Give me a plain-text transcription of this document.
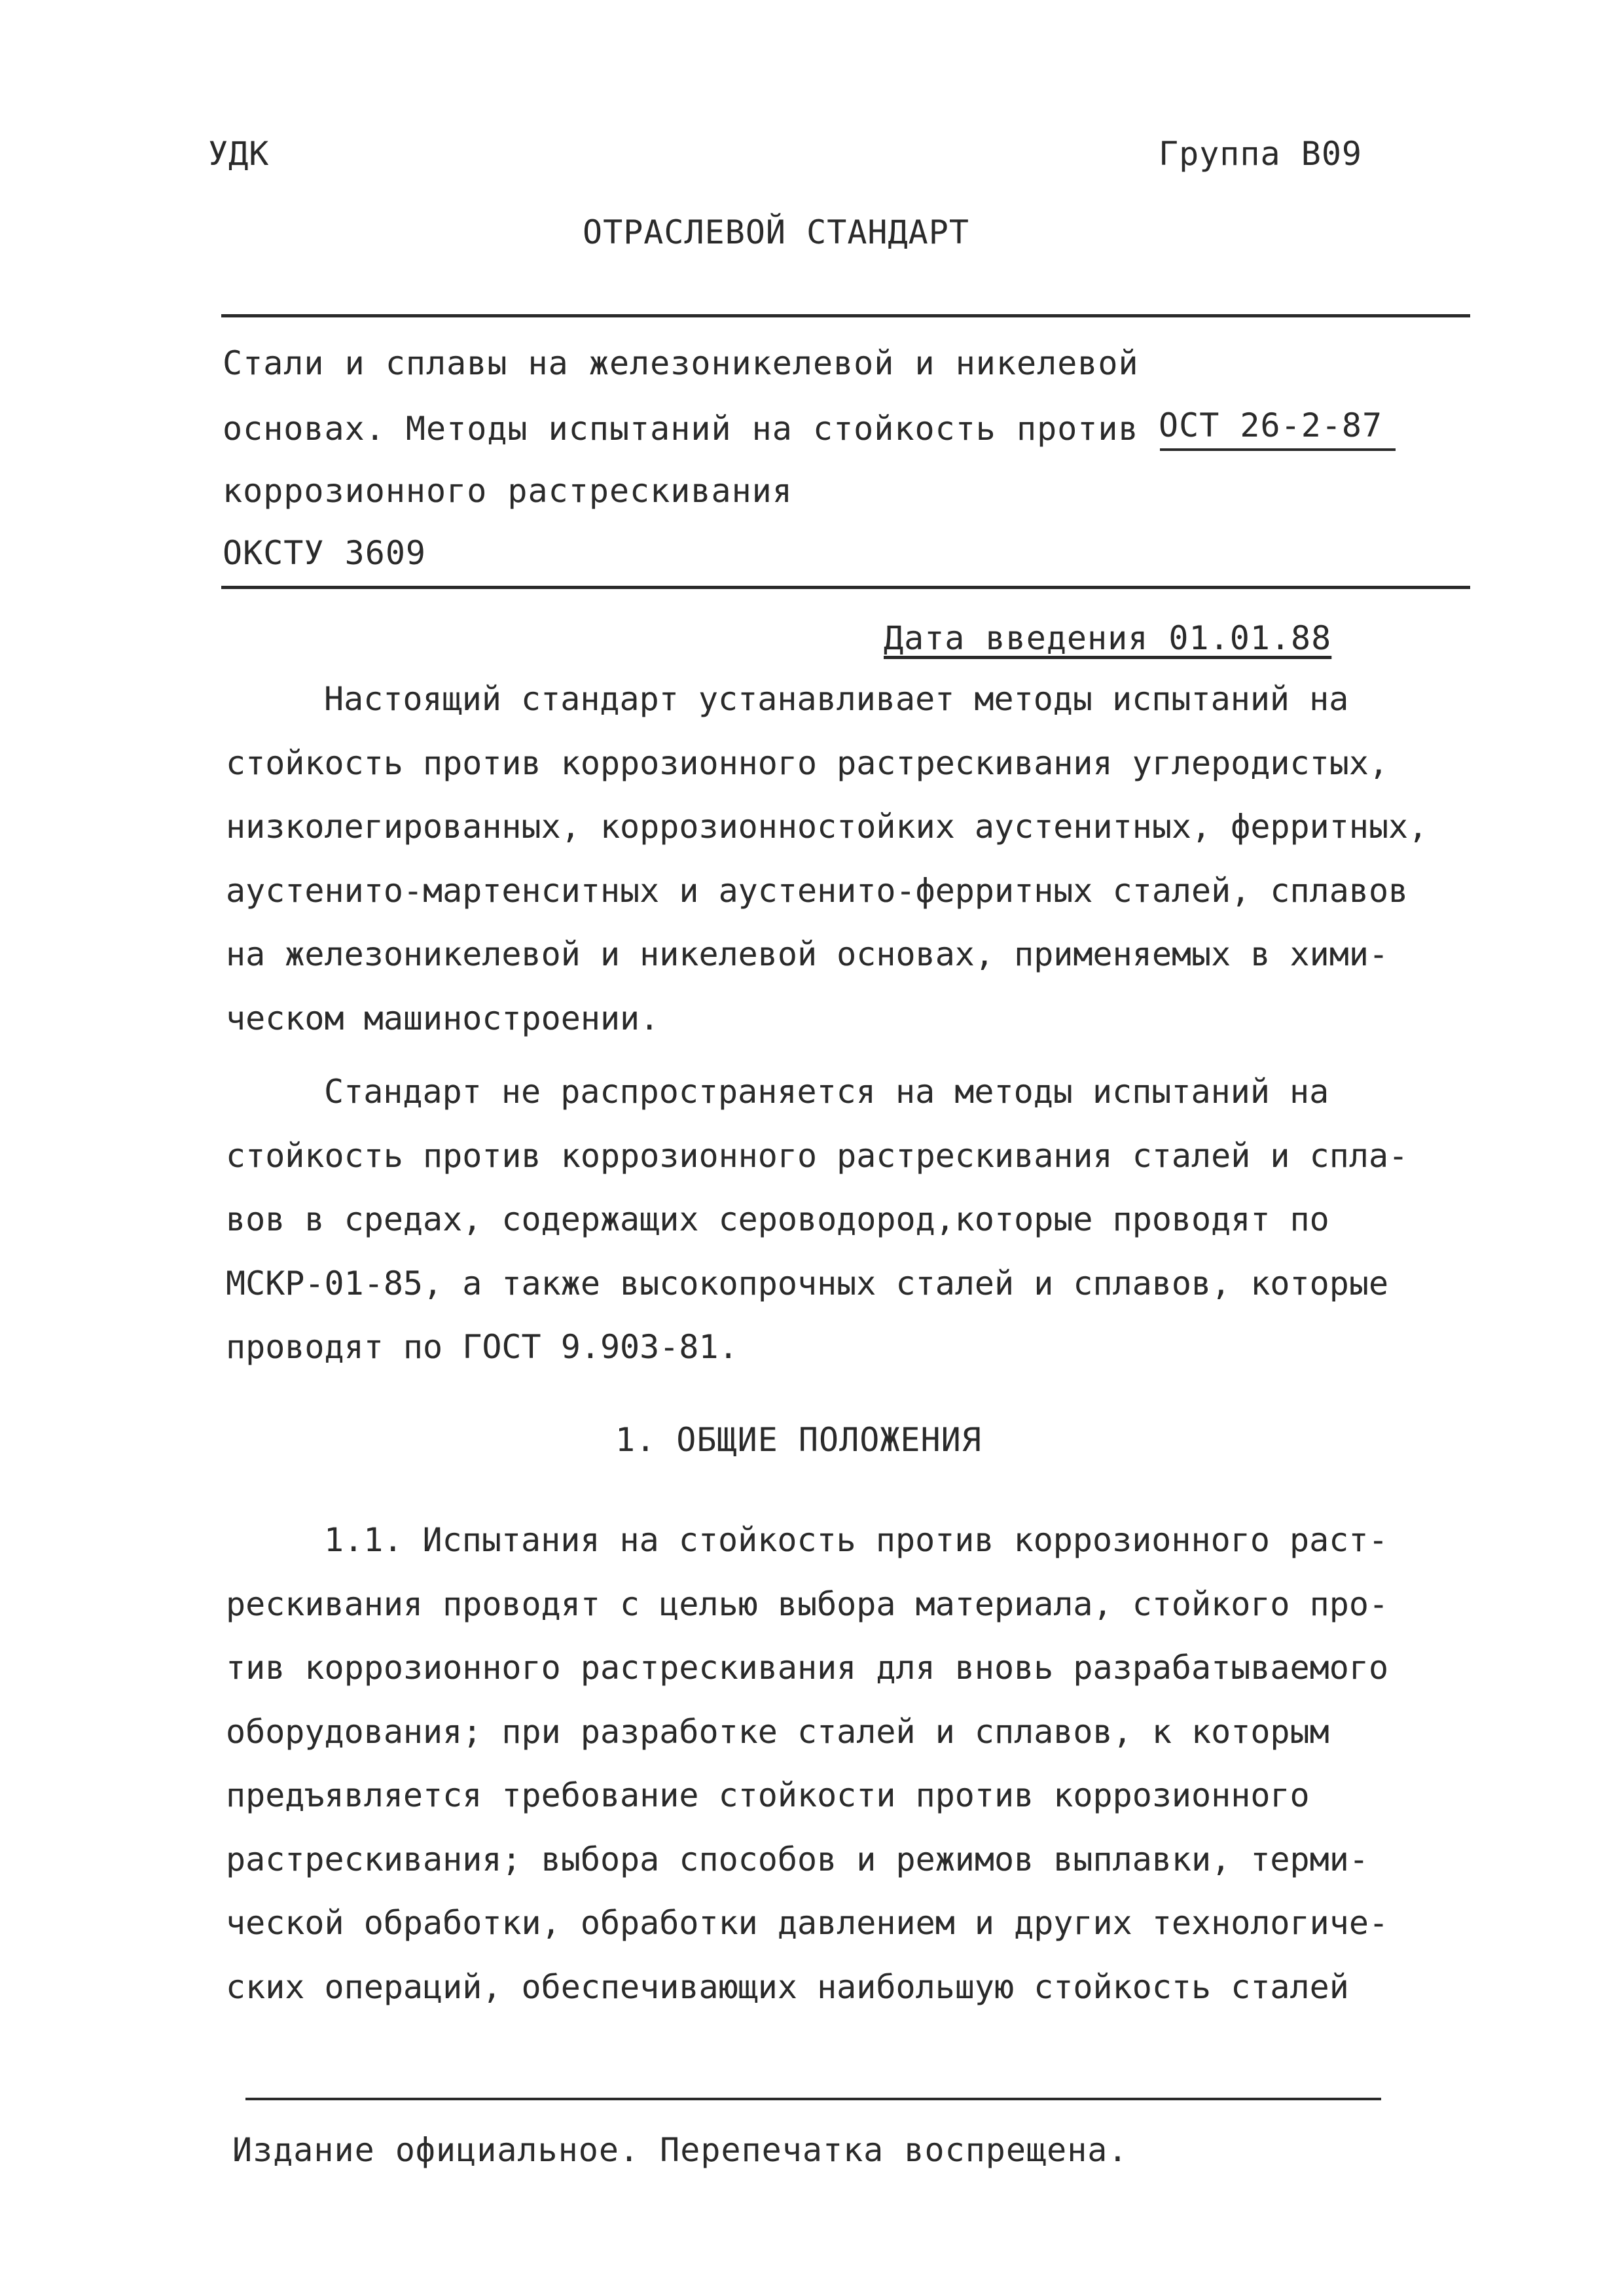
УДК	Группа В09
ОТРАСЛЕВОЙ СТАНДАРТ
Стали и сплавы на железоникелевой и никелевой
основах. Методы испытаний на стойкость против
коррозионного растрескивания
ОСТ 26-2-87
ОКСТУ 3609
Дата введения 01.01.88
Настоящий стандарт устанавливает методы испытаний на
стойкость против коррозионного растрескивания углеродистых,
низколегированных, коррозионностойких аустенитных, ферритных,
аустенито-мартенситных и аустенито-ферритных сталей, сплавов
на железоникелевой и никелевой основах, применяемых в хими-
ческом машиностроении.
Стандарт не распространяется на методы испытаний на
стойкость против коррозионного растрескивания сталей и спла-
вов в средах, содержащих сероводород,которые проводят по
МСКР-01-85, а также высокопрочных сталей и сплавов, которые
проводят по ГОСТ 9.903-81.
1. ОБЩИЕ ПОЛОЖЕНИЯ
1.1. Испытания на стойкость против коррозионного раст-
рескивания проводят с целью выбора материала, стойкого про-
тив коррозионного растрескивания для вновь разрабатываемого
оборудования; при разработке сталей и сплавов, к которым
предъявляется требование стойкости против коррозионного
растрескивания; выбора способов и режимов выплавки, терми-
ческой обработки, обработки давлением и других технологиче-
ских операций, обеспечивающих наибольшую стойкость сталей
Издание официальное. Перепечатка воспрещена.
